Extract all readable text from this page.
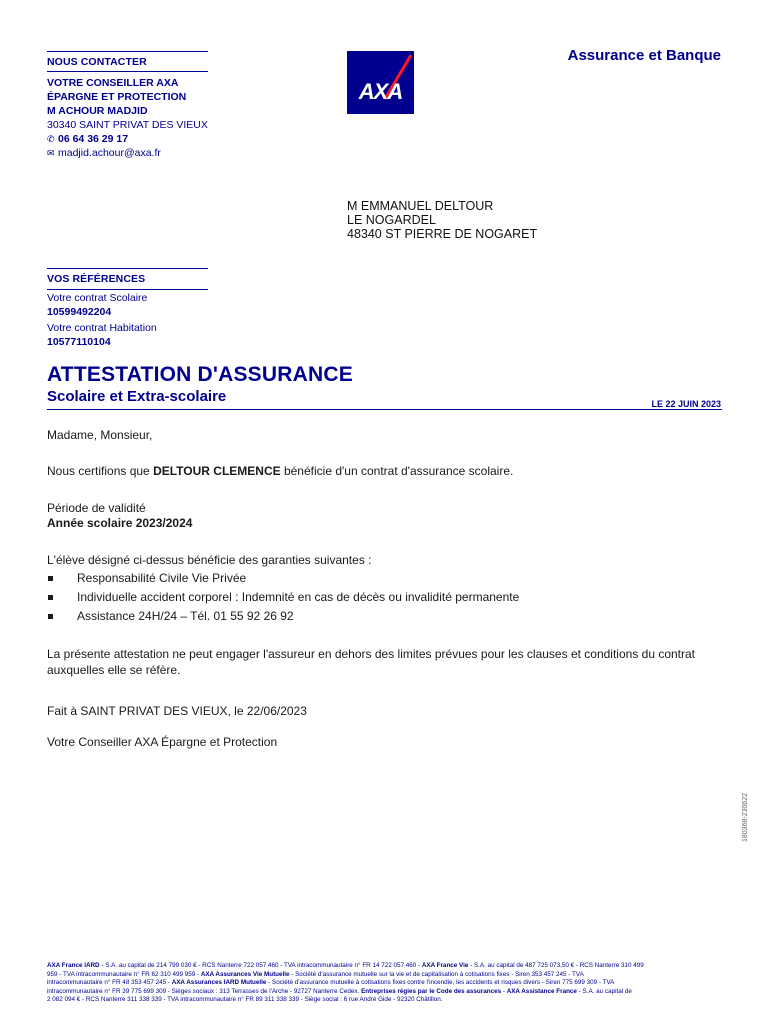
NOUS CONTACTER
VOTRE CONSEILLER AXA
ÉPARGNE ET PROTECTION
M ACHOUR MADJID
30340 SAINT PRIVAT DES VIEUX
✆ 06 64 36 29 17
✉ madjid.achour@axa.fr
AXA
Assurance et Banque
M EMMANUEL DELTOUR
LE NOGARDEL
48340 ST PIERRE DE NOGARET
VOS RÉFÉRENCES
Votre contrat Scolaire
10599492204
Votre contrat Habitation
10577110104
ATTESTATION D'ASSURANCE
Scolaire et Extra-scolaire	LE 22 JUIN 2023
Madame, Monsieur,
Nous certifions que DELTOUR CLEMENCE bénéficie d'un contrat d'assurance scolaire.
Période de validité
Année scolaire 2023/2024
L'élève désigné ci-dessus bénéficie des garanties suivantes :
Responsabilité Civile Vie Privée
Individuelle accident corporel : Indemnité en cas de décès ou invalidité permanente
Assistance 24H/24 – Tél. 01 55 92 26 92
La présente attestation ne peut engager l'assureur en dehors des limites prévues pour les clauses et conditions du contrat
auxquelles elle se réfère.
Fait à SAINT PRIVAT DES VIEUX, le 22/06/2023
Votre Conseiller AXA Épargne et Protection
180368-230622
AXA France IARD - S.A. au capital de 214 799 030 € - RCS Nanterre 722 057 460 - TVA intracommunautaire n° FR 14 722 057 460 - AXA France Vie - S.A. au capital de 487 725 073,50 € - RCS Nanterre 310 499
959 - TVA intracommunautaire n° FR 62 310 499 959 - AXA Assurances Vie Mutuelle - Société d'assurance mutuelle sur la vie et de capitalisation à cotisations fixes - Siren 353 457 245 - TVA
intracommunautaire n° FR 48 353 457 245 - AXA Assurances IARD Mutuelle - Société d'assurance mutuelle à cotisations fixes contre l'incendie, les accidents et risques divers - Siren 775 699 309 - TVA
intracommunautaire n° FR 39 775 699 309 - Sièges sociaux : 313 Terrasses de l'Arche - 92727 Nanterre Cedex. Entreprises régies par le Code des assurances - AXA Assistance France - S.A. au capital de
2 082 094 € - RCS Nanterre 311 338 339 - TVA intracommunautaire n° FR 89 311 338 339 - Siège social : 6 rue André Gide - 92320 Châtillon.
